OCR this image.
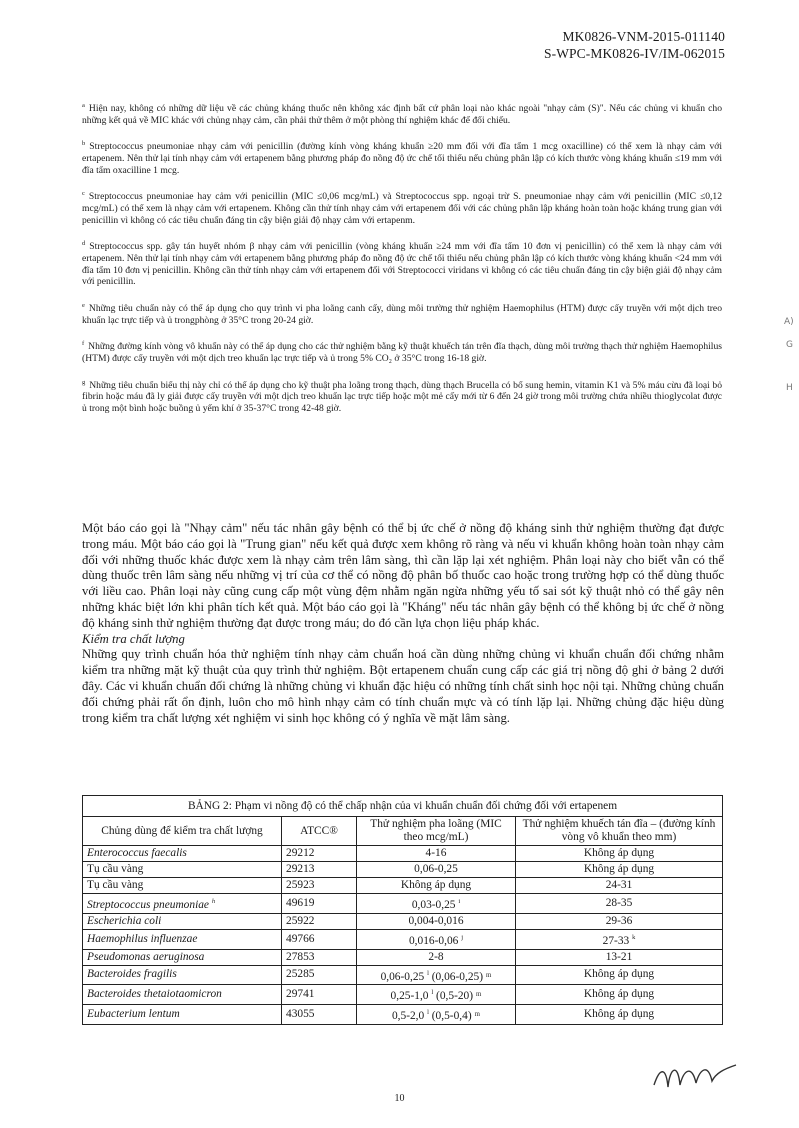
MK0826-VNM-2015-011140
S-WPC-MK0826-IV/IM-062015

$^a$ Hiện nay, không có những dữ liệu về các chủng kháng thuốc nên không xác định bất cứ phân loại nào khác ngoài "nhạy cảm (S)". Nếu các chủng vi khuẩn cho những kết quả về MIC khác với chủng nhạy cảm, cần phải thử thêm ở một phòng thí nghiệm khác để đối chiếu.

$^b$ Streptococcus pneumoniae nhạy cảm với penicillin (đường kính vòng kháng khuẩn ≥20 mm đối với đĩa tẩm 1 mcg oxacilline) có thể xem là nhạy cảm với ertapenem. Nên thử lại tính nhạy cảm với ertapenem bằng phương pháp đo nồng độ ức chế tối thiểu nếu chủng phân lập có kích thước vòng kháng khuẩn ≤19 mm với đĩa tẩm oxacilline 1 mcg.

$^c$ Streptococcus pneumoniae hay cảm với penicillin (MIC ≤0,06 mcg/mL) và Streptococcus spp. ngoại trừ S. pneumoniae nhạy cảm với penicillin (MIC ≤0,12 mcg/mL) có thể xem là nhạy cảm với ertapenem. Không cần thử tính nhạy cảm với ertapenem đối với các chủng phân lập kháng hoàn toàn hoặc kháng trung gian với penicillin vì không có các tiêu chuẩn đáng tin cậy biện giải độ nhạy cảm với ertapenm.

$^d$ Streptococcus spp. gây tán huyết nhóm β nhạy cảm với penicillin (vòng kháng khuẩn ≥24 mm với đĩa tẩm 10 đơn vị penicillin) có thể xem là nhạy cảm với ertapenem. Nên thử lại tính nhạy cảm với ertapenem bằng phương pháp đo nồng độ ức chế tối thiểu nếu chủng phân lập có kích thước vòng kháng khuẩn <24 mm với đĩa tẩm 10 đơn vị penicillin. Không cần thử tính nhạy cảm với ertapenem đối với Streptococci viridans vì không có các tiêu chuẩn đáng tin cậy biện giải độ nhạy cảm với penicillin.

$^e$ Những tiêu chuẩn này có thể áp dụng cho quy trình vi pha loãng canh cấy, dùng môi trường thử nghiệm Haemophilus (HTM) được cấy truyền với một dịch treo khuẩn lạc trực tiếp và ủ trongphòng ở 35°C trong 20-24 giờ.

$^f$ Những đường kính vòng vô khuẩn này có thể áp dụng cho các thử nghiệm bằng kỹ thuật khuếch tán trên đĩa thạch, dùng môi trường thạch thử nghiệm Haemophilus (HTM) được cấy truyền với một dịch treo khuẩn lạc trực tiếp và ủ trong 5% CO₂ ở 35°C trong 16-18 giờ.

$^g$ Những tiêu chuẩn biểu thị này chỉ có thể áp dụng cho kỹ thuật pha loãng trong thạch, dùng thạch Brucella có bổ sung hemin, vitamin K1 và 5% máu cừu đã loại bỏ fibrin hoặc máu đã ly giải được cấy truyền với một dịch treo khuẩn lạc trực tiếp hoặc một mẻ cấy mới từ 6 đến 24 giờ trong môi trường chứa nhiều thioglycolat được ủ trong một bình hoặc buồng ủ yếm khí ở 35-37°C trong 42-48 giờ.

Một báo cáo gọi là "Nhạy cảm" nếu tác nhân gây bệnh có thể bị ức chế ở nồng độ kháng sinh thử nghiệm thường đạt được trong máu. Một báo cáo gọi là "Trung gian" nếu kết quả được xem không rõ ràng và nếu vi khuẩn không hoàn toàn nhạy cảm đối với những thuốc khác được xem là nhạy cảm trên lâm sàng, thì cần lặp lại xét nghiệm. Phân loại này cho biết vẫn có thể dùng thuốc trên lâm sàng nếu những vị trí của cơ thể có nồng độ phân bố thuốc cao hoặc trong trường hợp có thể dùng thuốc với liều cao. Phân loại này cũng cung cấp một vùng đệm nhằm ngăn ngừa những yếu tố sai sót kỹ thuật nhỏ có thể gây nên những khác biệt lớn khi phân tích kết quả. Một báo cáo gọi là "Kháng" nếu tác nhân gây bệnh có thể không bị ức chế ở nồng độ kháng sinh thử nghiệm thường đạt được trong máu; do đó cần lựa chọn liệu pháp khác.

Kiểm tra chất lượng

Những quy trình chuẩn hóa thử nghiệm tính nhạy cảm chuẩn hoá cần dùng những chủng vi khuẩn chuẩn đối chứng nhằm kiểm tra những mặt kỹ thuật của quy trình thử nghiệm. Bột ertapenem chuẩn cung cấp các giá trị nồng độ ghi ở bảng 2 dưới đây. Các vi khuẩn chuẩn đối chứng là những chủng vi khuẩn đặc hiệu có những tính chất sinh học nội tại. Những chủng chuẩn đối chứng phải rất ổn định, luôn cho mô hình nhạy cảm có tính chuẩn mực và có tính lặp lại. Những chủng đặc hiệu dùng trong kiểm tra chất lượng xét nghiệm vi sinh học không có ý nghĩa về mặt lâm sàng.

BẢNG 2: Phạm vi nồng độ có thể chấp nhận của vi khuẩn chuẩn đối chứng đối với ertapenem			
Chủng dùng để kiểm tra chất lượng	ATCC®	Thử nghiệm pha loãng (MIC theo mcg/mL)	Thử nghiệm khuếch tán đĩa – (đường kính vòng vô khuẩn theo mm)
Enterococcus faecalis	29212	4-16	Không áp dụng
Tụ cầu vàng	29213	0,06-0,25	Không áp dụng
Tụ cầu vàng	25923	Không áp dụng	24-31
Streptococcus pneumoniae $^h$	49619	0,03-0,25 $^i$	28-35
Escherichia coli	25922	0,004-0,016	29-36
Haemophilus influenzae	49766	0,016-0,06 $^j$	27-33 $^k$
Pseudomonas aeruginosa	27853	2-8	13-21
Bacteroides fragilis	25285	0,06-0,25 $^l$ (0,06-0,25) ᵐ	Không áp dụng
Bacteroides thetaiotaomicron	29741	0,25-1,0 $^l$ (0,5-20) ᵐ	Không áp dụng
Eubacterium lentum	43055	0,5-2,0 $^l$ (0,5-0,4) ᵐ	Không áp dụng
A)
G
H
10
